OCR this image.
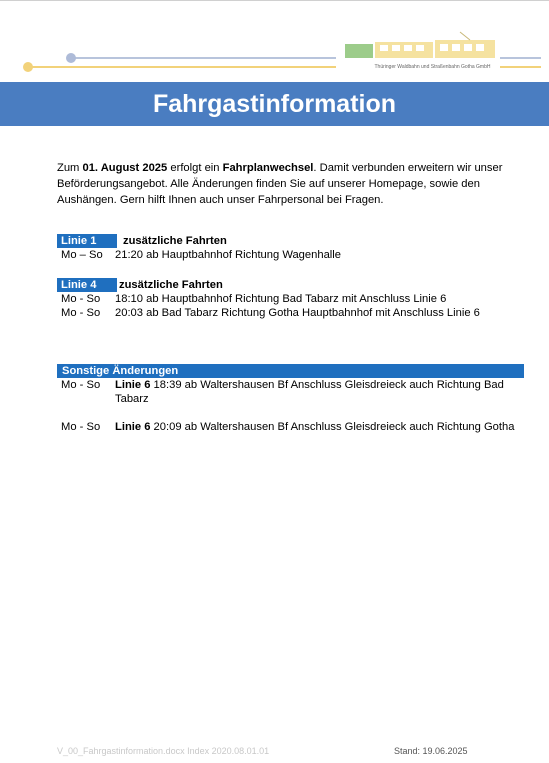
Thüringer Waldbahn und Straßenbahn Gotha GmbH
Fahrgastinformation
Zum 01. August 2025 erfolgt ein Fahrplanwechsel. Damit verbunden erweitern wir unser Beförderungsangebot. Alle Änderungen finden Sie auf unserer Homepage, sowie den Aushängen. Gern hilft Ihnen auch unser Fahrpersonal bei Fragen.
Linie 1	zusätzliche Fahrten
Mo – So	21:20 ab Hauptbahnhof Richtung Wagenhalle
Linie 4	zusätzliche Fahrten
Mo - So	18:10 ab Hauptbahnhof Richtung Bad Tabarz mit Anschluss Linie 6
Mo - So	20:03 ab Bad Tabarz Richtung Gotha Hauptbahnhof mit Anschluss Linie 6
Sonstige Änderungen
Mo - So	Linie 6 18:39 ab Waltershausen Bf Anschluss Gleisdreieck auch Richtung Bad Tabarz
Mo - So	Linie 6 20:09 ab Waltershausen Bf Anschluss Gleisdreieck auch Richtung Gotha
V_00_Fahrgastinformation.docx Index 2020.08.01.01	Stand: 19.06.2025
